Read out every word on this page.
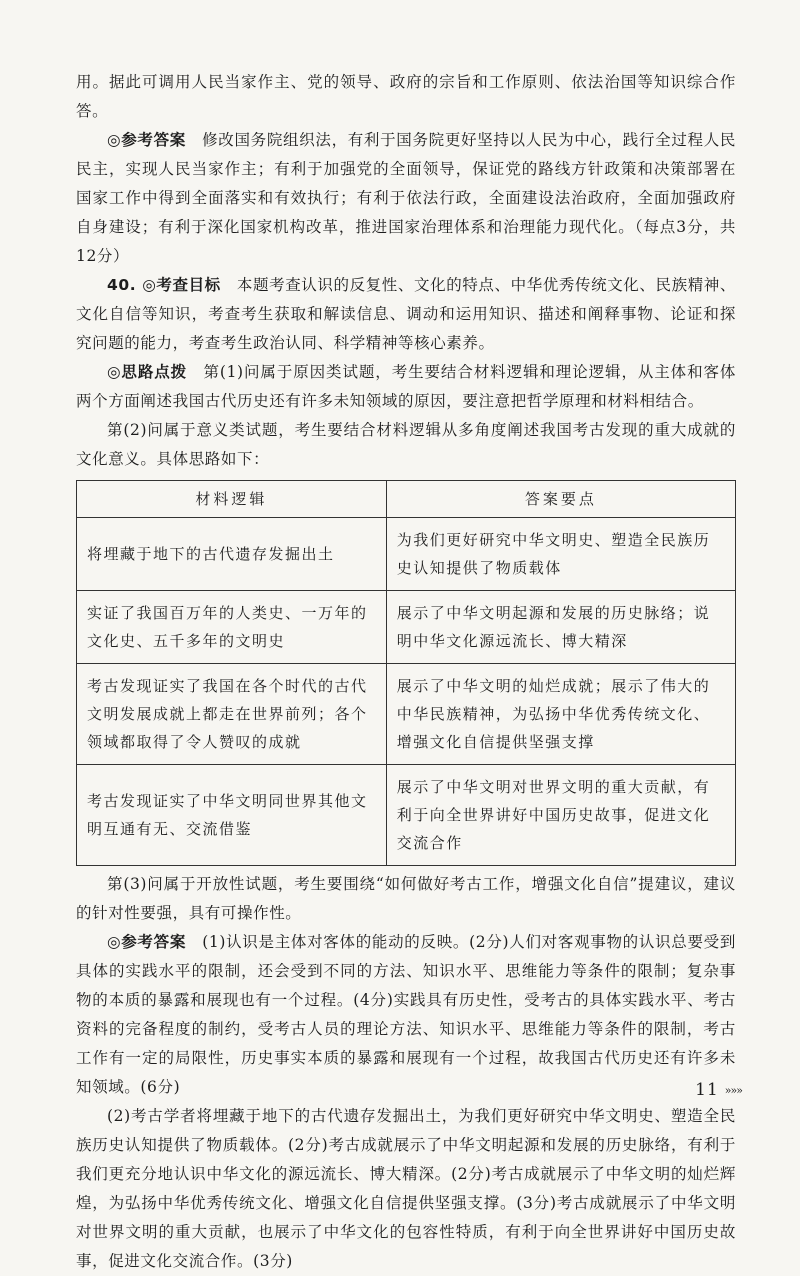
用。据此可调用人民当家作主、党的领导、政府的宗旨和工作原则、依法治国等知识综合作答。

◎参考答案　 修改国务院组织法，有利于国务院更好坚持以人民为中心，践行全过程人民民主，实现人民当家作主；有利于加强党的全面领导，保证党的路线方针政策和决策部署在国家工作中得到全面落实和有效执行；有利于依法行政，全面建设法治政府，全面加强政府自身建设；有利于深化国家机构改革，推进国家治理体系和治理能力现代化。（每点3分，共12分）

40. ◎考查目标　 本题考查认识的反复性、文化的特点、中华优秀传统文化、民族精神、文化自信等知识，考查考生获取和解读信息、调动和运用知识、描述和阐释事物、论证和探究问题的能力，考查考生政治认同、科学精神等核心素养。

◎思路点拨　 第(1)问属于原因类试题，考生要结合材料逻辑和理论逻辑，从主体和客体两个方面阐述我国古代历史还有许多未知领域的原因，要注意把哲学原理和材料相结合。

第(2)问属于意义类试题，考生要结合材料逻辑从多角度阐述我国考古发现的重大成就的文化意义。具体思路如下：

材料逻辑	答案要点
将埋藏于地下的古代遗存发掘出土	为我们更好研究中华文明史、塑造全民族历史认知提供了物质载体
实证了我国百万年的人类史、一万年的文化史、五千多年的文明史	展示了中华文明起源和发展的历史脉络；说明中华文化源远流长、博大精深
考古发现证实了我国在各个时代的古代文明发展成就上都走在世界前列；各个领域都取得了令人赞叹的成就	展示了中华文明的灿烂成就；展示了伟大的中华民族精神，为弘扬中华优秀传统文化、增强文化自信提供坚强支撑
考古发现证实了中华文明同世界其他文明互通有无、交流借鉴	展示了中华文明对世界文明的重大贡献，有利于向全世界讲好中国历史故事，促进文化交流合作

第(3)问属于开放性试题，考生要围绕“如何做好考古工作，增强文化自信”提建议，建议的针对性要强，具有可操作性。

◎参考答案　 (1)认识是主体对客体的能动的反映。(2分)人们对客观事物的认识总要受到具体的实践水平的限制，还会受到不同的方法、知识水平、思维能力等条件的限制；复杂事物的本质的暴露和展现也有一个过程。(4分)实践具有历史性，受考古的具体实践水平、考古资料的完备程度的制约，受考古人员的理论方法、知识水平、思维能力等条件的限制，考古工作有一定的局限性，历史事实本质的暴露和展现有一个过程，故我国古代历史还有许多未知领域。(6分)

(2)考古学者将埋藏于地下的古代遗存发掘出土，为我们更好研究中华文明史、塑造全民族历史认知提供了物质载体。(2分)考古成就展示了中华文明起源和发展的历史脉络，有利于我们更充分地认识中华文化的源远流长、博大精深。(2分)考古成就展示了中华文明的灿烂辉煌，为弘扬中华优秀传统文化、增强文化自信提供坚强支撑。(3分)考古成就展示了中华文明对世界文明的重大贡献，也展示了中华文化的包容性特质，有利于向全世界讲好中国历史故事，促进文化交流合作。(3分)

11 »»»
